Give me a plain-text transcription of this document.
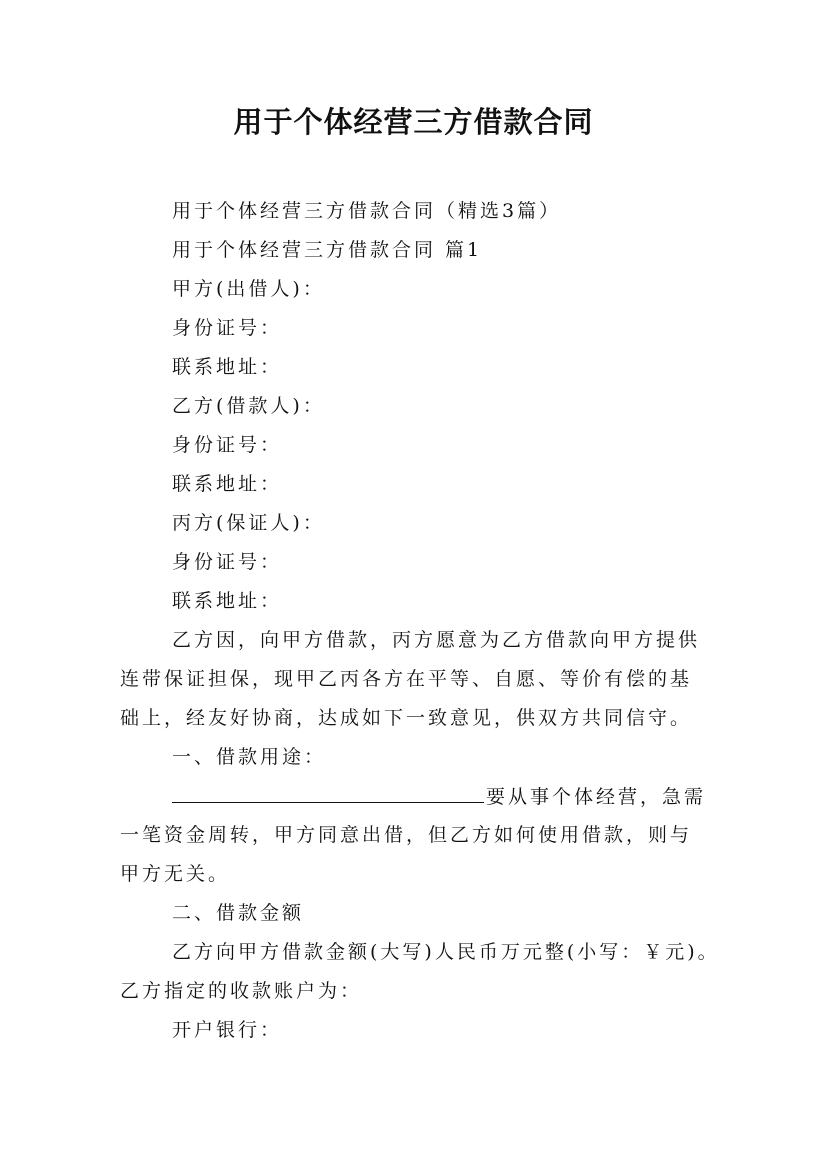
用于个体经营三方借款合同
用于个体经营三方借款合同（精选3篇）
用于个体经营三方借款合同 篇1
甲方(出借人)：
身份证号：
联系地址：
乙方(借款人)：
身份证号：
联系地址：
丙方(保证人)：
身份证号：
联系地址：
乙方因，向甲方借款，丙方愿意为乙方借款向甲方提供
连带保证担保，现甲乙丙各方在平等、自愿、等价有偿的基
础上，经友好协商，达成如下一致意见，供双方共同信守。
一、借款用途：
要从事个体经营，急需
一笔资金周转，甲方同意出借，但乙方如何使用借款，则与
甲方无关。
二、借款金额
乙方向甲方借款金额(大写)人民币万元整(小写：￥元)。
乙方指定的收款账户为：
开户银行：
